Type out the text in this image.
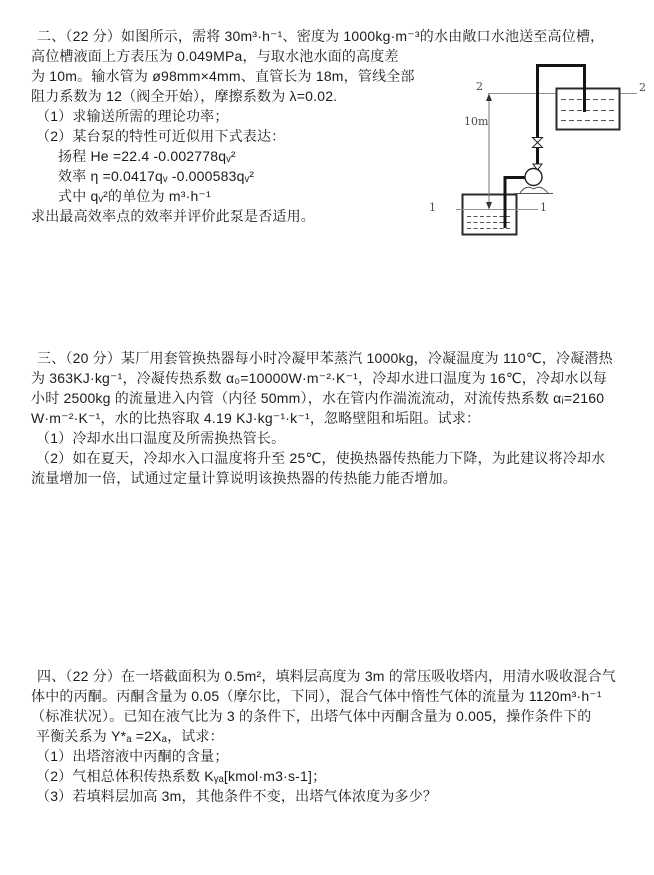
二、（22 分）如图所示，需将 30m³·h⁻¹、密度为 1000kg·m⁻³的水由敞口水池送至高位槽，

高位槽液面上方表压为 0.049MPa，与取水池水面的高度差

为 10m。输水管为 ø98mm×4mm、直管长为 18m，管线全部

阻力系数为 12（阀全开始），摩擦系数为 λ=0.02.

（1）求输送所需的理论功率；

（2）某台泵的特性可近似用下式表达：

扬程 He =22.4 -0.002778qᵥ²

效率 η =0.0417qᵥ -0.000583qᵥ²

式中 qᵥ²的单位为 m³·h⁻¹

求出最高效率点的效率并评价此泵是否适用。

2	2
1	1
10m

三、（20 分）某厂用套管换热器每小时冷凝甲苯蒸汽 1000kg，冷凝温度为 110℃，冷凝潜热

为 363KJ·kg⁻¹，冷凝传热系数 α₀=10000W·m⁻²·K⁻¹，冷却水进口温度为 16℃，冷却水以每

小时 2500kg 的流量进入内管（内径 50mm），水在管内作湍流流动，对流传热系数 αᵢ=2160

W·m⁻²·K⁻¹，水的比热容取 4.19 KJ·kg⁻¹·k⁻¹，忽略壁阻和垢阻。试求：

（1）冷却水出口温度及所需换热管长。

（2）如在夏天，冷却水入口温度将升至 25℃，使换热器传热能力下降，为此建议将冷却水

流量增加一倍，试通过定量计算说明该换热器的传热能力能否增加。

四、（22 分）在一塔截面积为 0.5m²，填料层高度为 3m 的常压吸收塔内，用清水吸收混合气

体中的丙酮。丙酮含量为 0.05（摩尔比，下同），混合气体中惰性气体的流量为 1120m³·h⁻¹

（标准状况）。已知在液气比为 3 的条件下，出塔气体中丙酮含量为 0.005，操作条件下的

平衡关系为 Y*ₐ =2Xₐ，试求：

（1）出塔溶液中丙酮的含量；

（2）气相总体积传热系数 Kᵧₐ[kmol·m3·s-1]；

（3）若填料层加高 3m，其他条件不变，出塔气体浓度为多少？
